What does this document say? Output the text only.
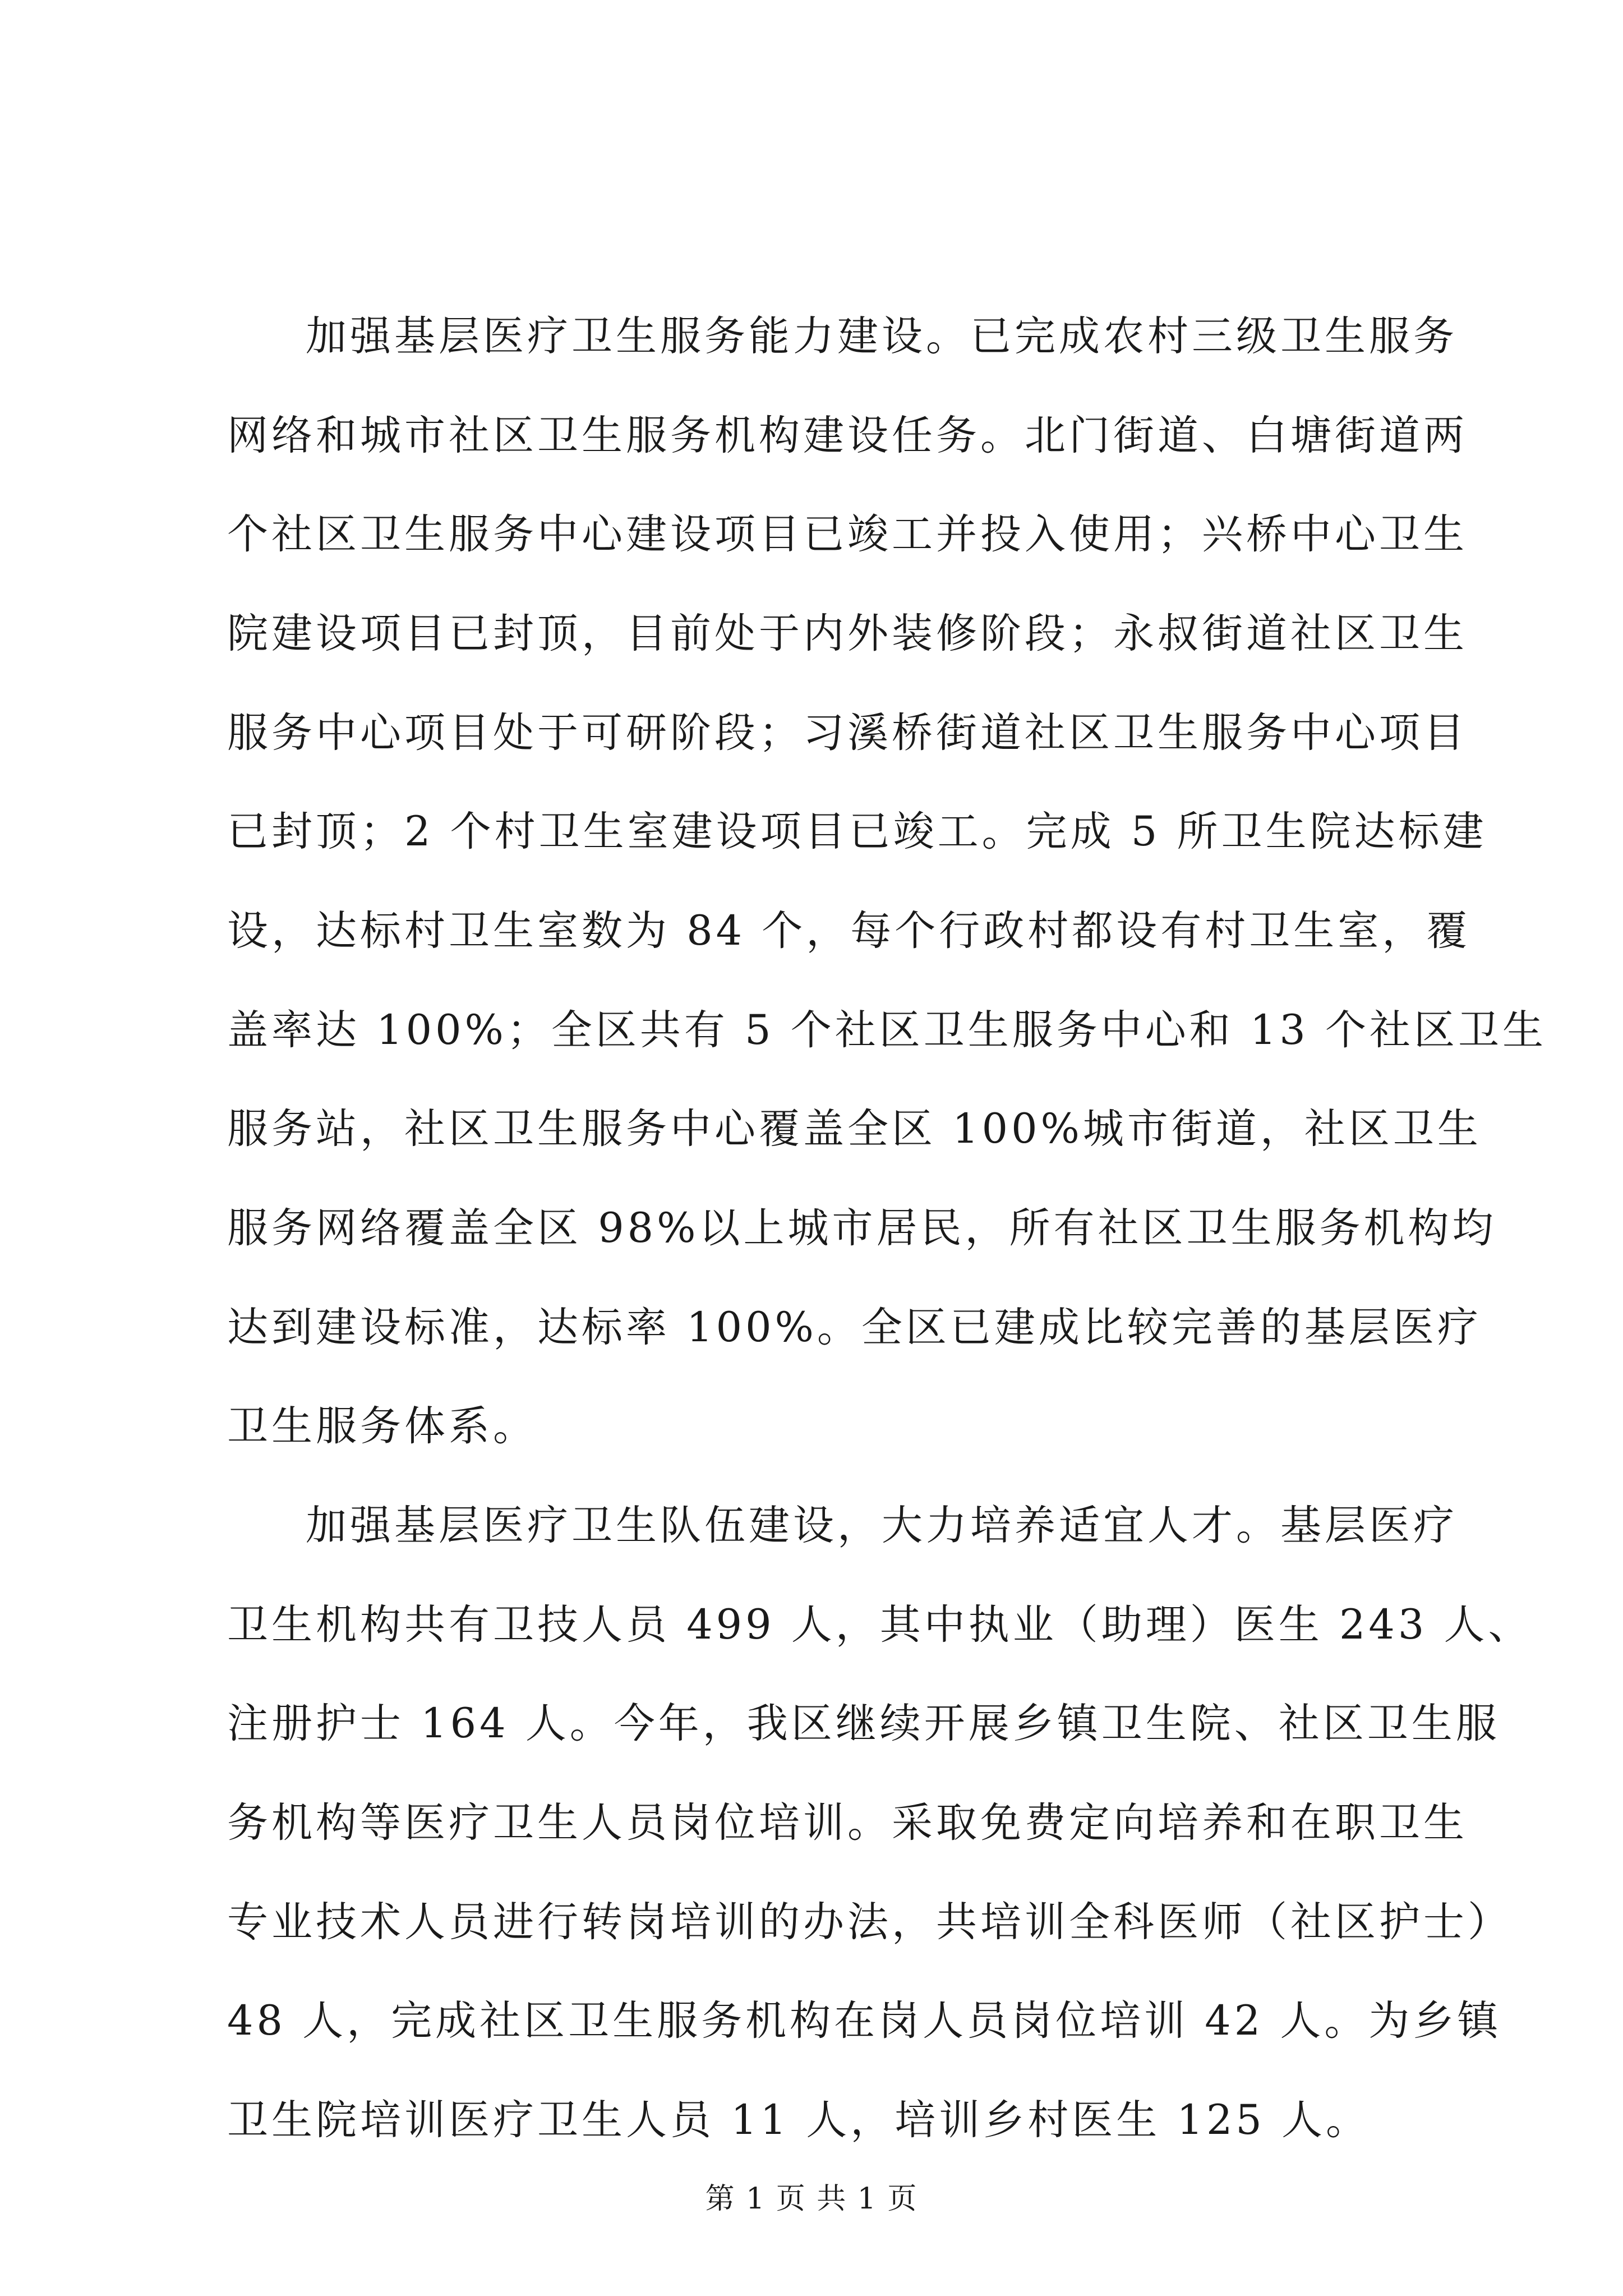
加强基层医疗卫生服务能力建设。已完成农村三级卫生服务
网络和城市社区卫生服务机构建设任务。北门街道、白塘街道两
个社区卫生服务中心建设项目已竣工并投入使用；兴桥中心卫生
院建设项目已封顶，目前处于内外装修阶段；永叔街道社区卫生
服务中心项目处于可研阶段；习溪桥街道社区卫生服务中心项目
已封顶；2 个村卫生室建设项目已竣工。完成 5 所卫生院达标建
设，达标村卫生室数为 84 个，每个行政村都设有村卫生室，覆
盖率达 100%；全区共有 5 个社区卫生服务中心和 13 个社区卫生
服务站，社区卫生服务中心覆盖全区 100%城市街道，社区卫生
服务网络覆盖全区 98%以上城市居民，所有社区卫生服务机构均
达到建设标准，达标率 100%。全区已建成比较完善的基层医疗
卫生服务体系。
加强基层医疗卫生队伍建设，大力培养适宜人才。基层医疗
卫生机构共有卫技人员 499 人，其中执业（助理）医生 243 人、
注册护士 164 人。今年，我区继续开展乡镇卫生院、社区卫生服
务机构等医疗卫生人员岗位培训。采取免费定向培养和在职卫生
专业技术人员进行转岗培训的办法，共培训全科医师（社区护士）
48 人，完成社区卫生服务机构在岗人员岗位培训 42 人。为乡镇
卫生院培训医疗卫生人员 11 人，培训乡村医生 125 人。
第 1 页 共 1 页
